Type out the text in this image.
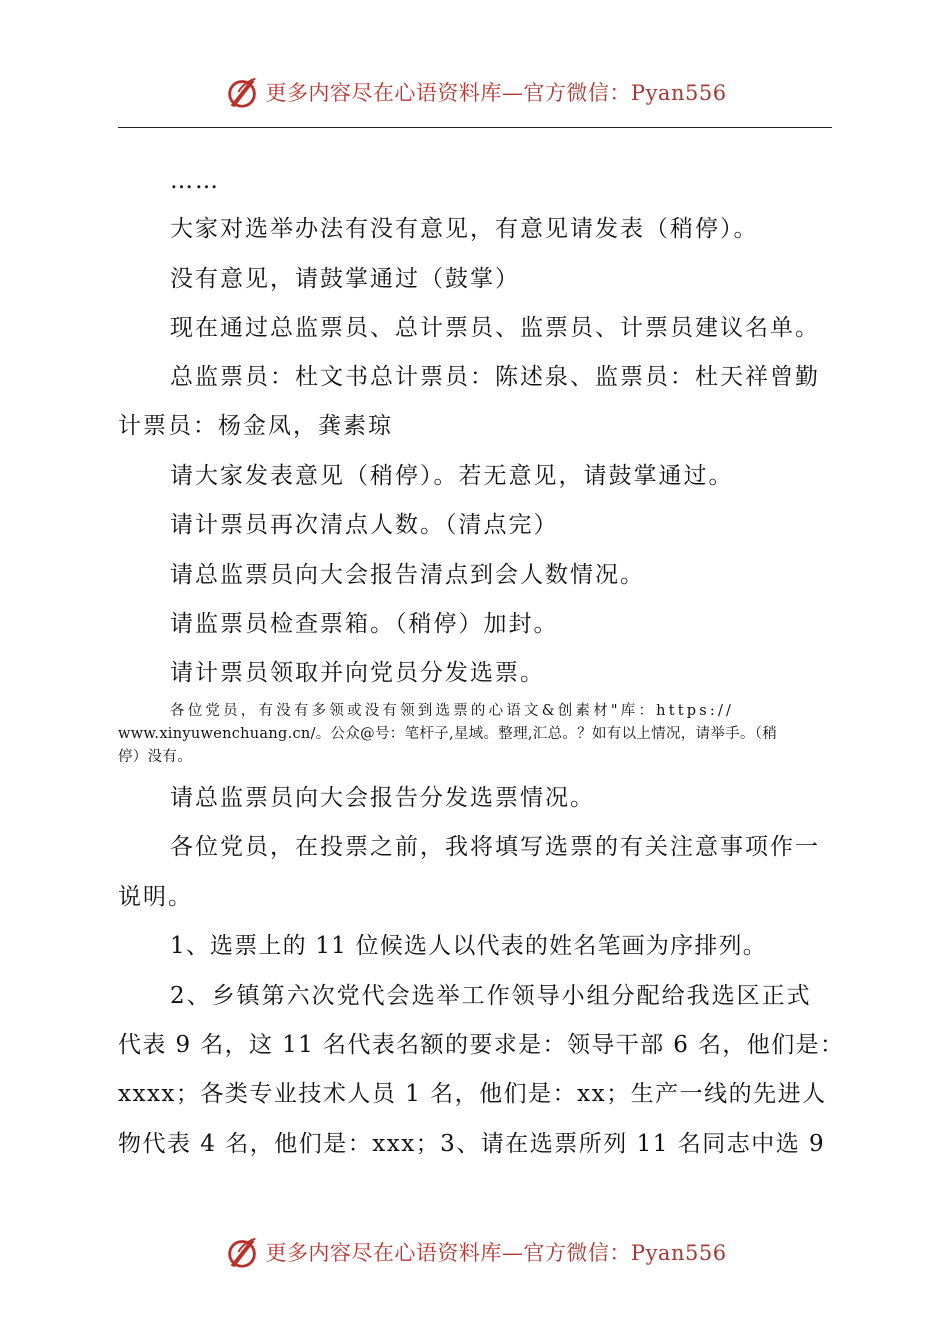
更多内容尽在心语资料库—官方微信：Pyan556
……
大家对选举办法有没有意见，有意见请发表（稍停）。
没有意见，请鼓掌通过（鼓掌）
现在通过总监票员、总计票员、监票员、计票员建议名单。
总监票员：杜文书总计票员：陈述泉、监票员：杜天祥曾勤
计票员：杨金凤，龚素琼
请大家发表意见（稍停）。若无意见，请鼓掌通过。
请计票员再次清点人数。（清点完）
请总监票员向大会报告清点到会人数情况。
请监票员检查票箱。（稍停）加封。
请计票员领取并向党员分发选票。
各位党员，有没有多领或没有领到选票的心语文&创素材"库：https://
www.xinyuwenchuang.cn/。公众@号：笔杆子,星域。整理,汇总。？如有以上情况，请举手。（稍
停）没有。
请总监票员向大会报告分发选票情况。
各位党员，在投票之前，我将填写选票的有关注意事项作一
说明。
1、选票上的 11 位候选人以代表的姓名笔画为序排列。
2、乡镇第六次党代会选举工作领导小组分配给我选区正式
代表 9 名，这 11 名代表名额的要求是：领导干部 6 名，他们是：
xxxx；各类专业技术人员 1 名，他们是：xx；生产一线的先进人
物代表 4 名，他们是：xxx；3、请在选票所列 11 名同志中选 9
更多内容尽在心语资料库—官方微信：Pyan556
